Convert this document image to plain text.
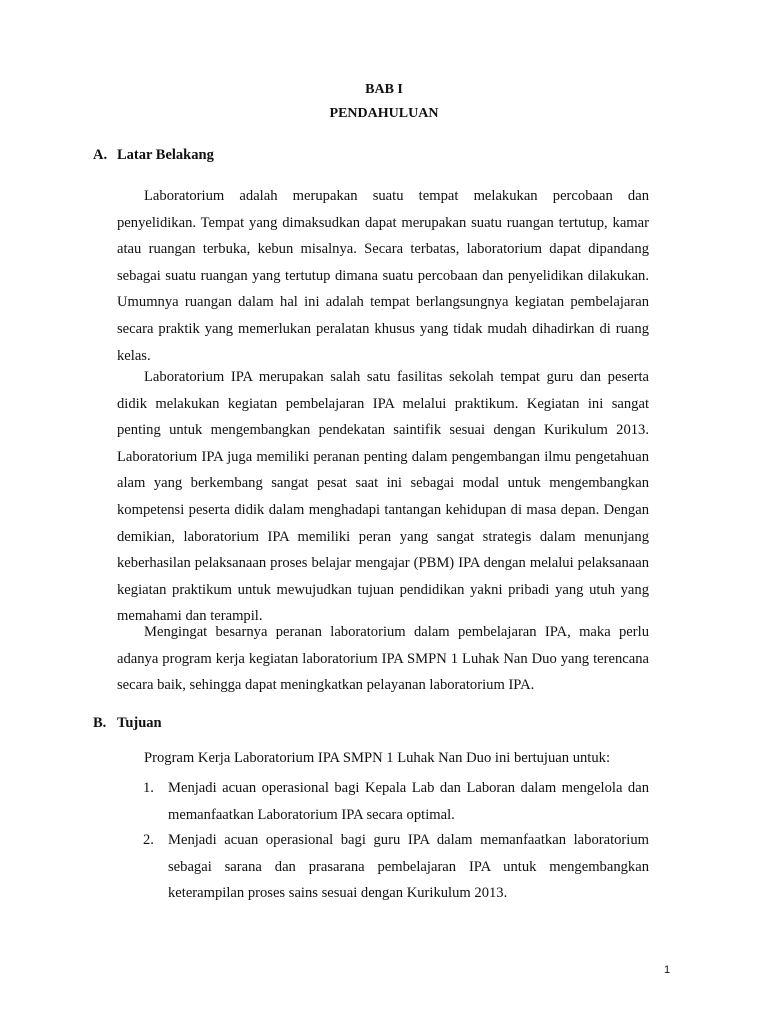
BAB I
PENDAHULUAN
A. Latar Belakang

Laboratorium adalah merupakan suatu tempat melakukan percobaan dan penyelidikan. Tempat yang dimaksudkan dapat merupakan suatu ruangan tertutup, kamar atau ruangan terbuka, kebun misalnya. Secara terbatas, laboratorium dapat dipandang sebagai suatu ruangan yang tertutup dimana suatu percobaan dan penyelidikan dilakukan. Umumnya ruangan dalam hal ini adalah tempat berlangsungnya kegiatan pembelajaran secara praktik yang memerlukan peralatan khusus yang tidak mudah dihadirkan di ruang kelas.

Laboratorium IPA merupakan salah satu fasilitas sekolah tempat guru dan peserta didik melakukan kegiatan pembelajaran IPA melalui praktikum. Kegiatan ini sangat penting untuk mengembangkan pendekatan saintifik sesuai dengan Kurikulum 2013. Laboratorium IPA juga memiliki peranan penting dalam pengembangan ilmu pengetahuan alam yang berkembang sangat pesat saat ini sebagai modal untuk mengembangkan kompetensi peserta didik dalam menghadapi tantangan kehidupan di masa depan. Dengan demikian, laboratorium IPA memiliki peran yang sangat strategis dalam menunjang keberhasilan pelaksanaan proses belajar mengajar (PBM) IPA dengan melalui pelaksanaan kegiatan praktikum untuk mewujudkan tujuan pendidikan yakni pribadi yang utuh yang memahami dan terampil.

Mengingat besarnya peranan laboratorium dalam pembelajaran IPA, maka perlu adanya program kerja kegiatan laboratorium IPA SMPN 1 Luhak Nan Duo yang terencana secara baik, sehingga dapat meningkatkan pelayanan laboratorium IPA.

B. Tujuan

Program Kerja Laboratorium IPA SMPN 1 Luhak Nan Duo ini bertujuan untuk:

1. Menjadi acuan operasional bagi Kepala Lab dan Laboran dalam mengelola dan memanfaatkan Laboratorium IPA secara optimal.
2. Menjadi acuan operasional bagi guru IPA dalam memanfaatkan laboratorium sebagai sarana dan prasarana pembelajaran IPA untuk mengembangkan keterampilan proses sains sesuai dengan Kurikulum 2013.
1
